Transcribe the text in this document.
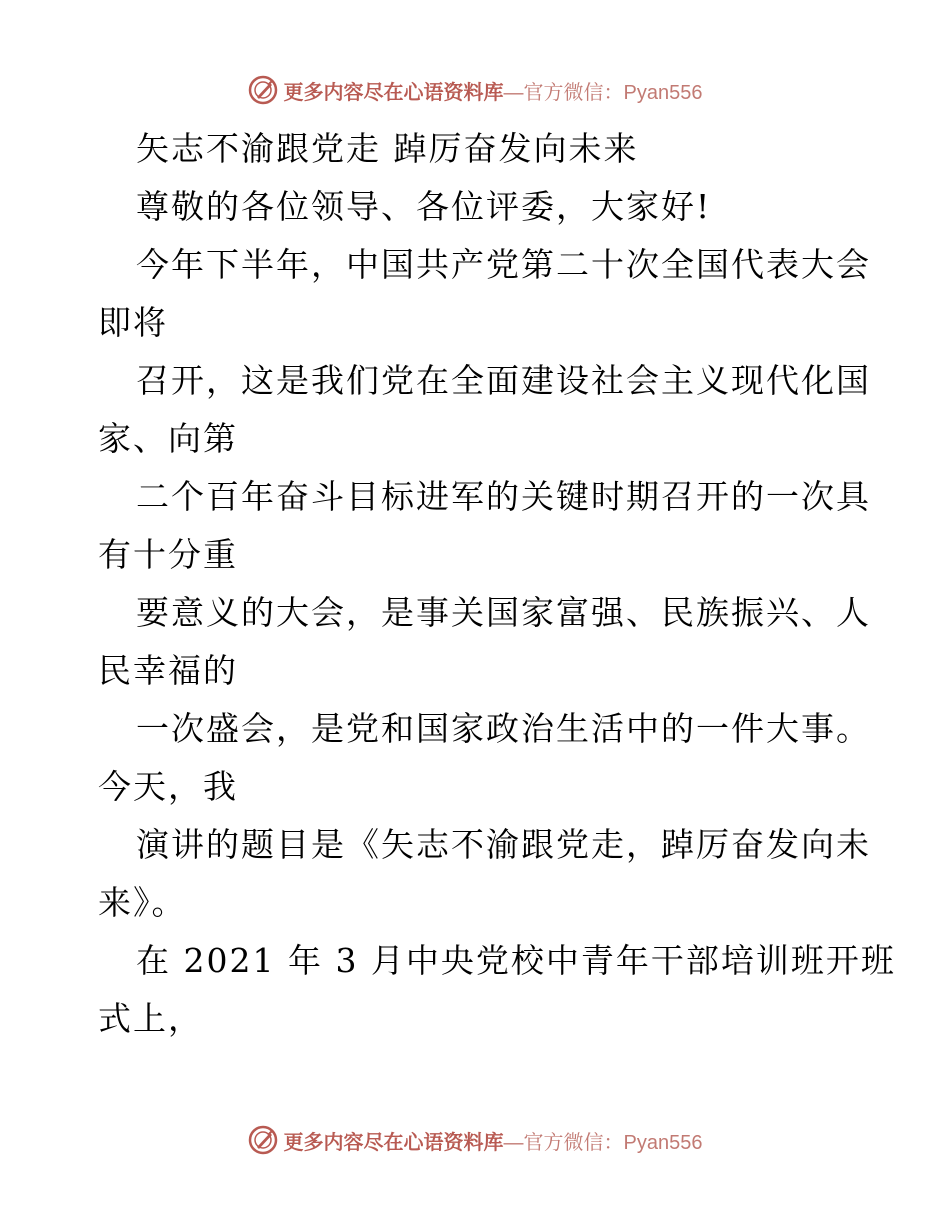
更多内容尽在心语资料库 —官方微信：Pyan556
矢志不渝跟党走 踔厉奋发向未来
尊敬的各位领导、各位评委，大家好!
今年下半年，中国共产党第二十次全国代表大会
即将
召开，这是我们党在全面建设社会主义现代化国
家、向第
二个百年奋斗目标进军的关键时期召开的一次具
有十分重
要意义的大会，是事关国家富强、民族振兴、人
民幸福的
一次盛会，是党和国家政治生活中的一件大事。
今天，我
演讲的题目是《矢志不渝跟党走，踔厉奋发向未
来》。
在 2021 年 3 月中央党校中青年干部培训班开班
式上，
更多内容尽在心语资料库 —官方微信：Pyan556
